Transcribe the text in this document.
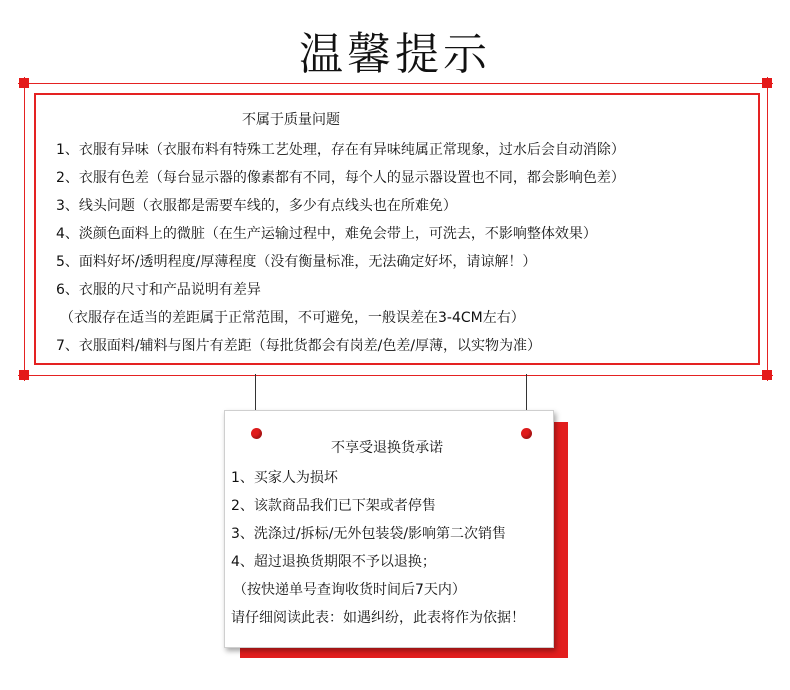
温馨提示
不属于质量问题
1、衣服有异味（衣服布料有特殊工艺处理，存在有异味纯属正常现象，过水后会自动消除）
2、衣服有色差（每台显示器的像素都有不同，每个人的显示器设置也不同，都会影响色差）
3、线头问题（衣服都是需要车线的，多少有点线头也在所难免）
4、淡颜色面料上的微脏（在生产运输过程中，难免会带上，可洗去，不影响整体效果）
5、面料好坏/透明程度/厚薄程度（没有衡量标准，无法确定好坏，请谅解！）
6、衣服的尺寸和产品说明有差异
（衣服存在适当的差距属于正常范围，不可避免，一般误差在3-4CM左右）
7、衣服面料/辅料与图片有差距（每批货都会有岗差/色差/厚薄，以实物为准）
不享受退换货承诺
1、买家人为损坏
2、该款商品我们已下架或者停售
3、洗涤过/拆标/无外包装袋/影响第二次销售
4、超过退换货期限不予以退换；
（按快递单号查询收货时间后7天内）
请仔细阅读此表：如遇纠纷，此表将作为依据！
